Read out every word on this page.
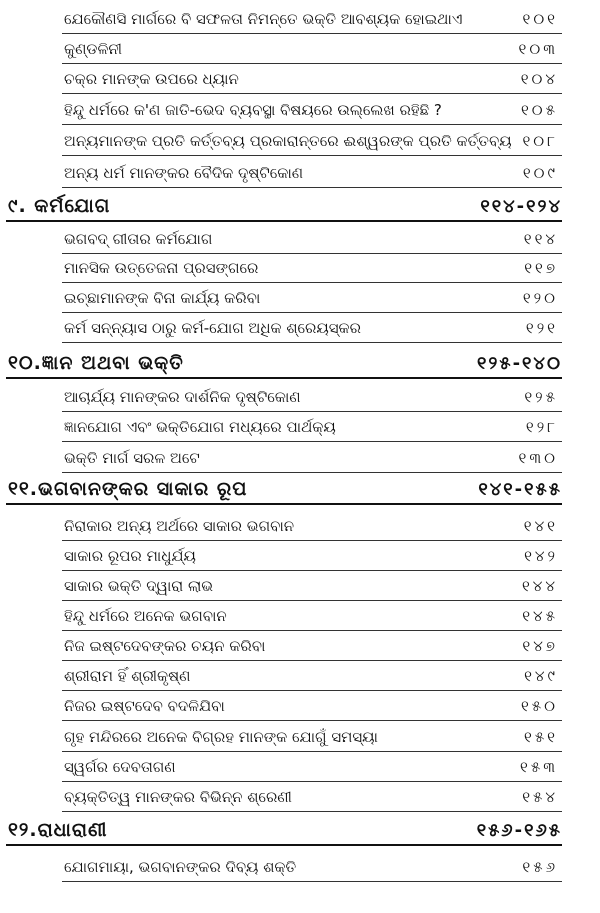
ଯେକୌଣସି ମାର୍ଗରେ ବି ସଫଳତା ନିମନ୍ତେ ଭକ୍ତି ଆବଶ୍ୟକ ହୋଇଥାଏ	୧୦୧
କୁଣ୍ଡଳିନୀ	୧୦୩
ଚକ୍ର ମାନଙ୍କ ଉପରେ ଧ୍ୟାନ	୧୦୪
ହିନ୍ଦୁ ଧର୍ମରେ କ'ଣ ଜାତି-ଭେଦ ବ୍ୟବସ୍ଥା ବିଷୟରେ ଉଲ୍ଲେଖ ରହିଛି ?	୧୦୫
ଅନ୍ୟମାନଙ୍କ ପ୍ରତି କର୍ତ୍ତବ୍ୟ ପ୍ରକାରାନ୍ତରେ ଈଶ୍ୱରଙ୍କ ପ୍ରତି କର୍ତ୍ତବ୍ୟ ୧୦୮
ଅନ୍ୟ ଧର୍ମ ମାନଙ୍କର ବୈଦିକ ଦୃଷ୍ଟିକୋଣ	୧୦୯
୯. କର୍ମଯୋଗ	୧୧୪-୧୨୪
ଭଗବଦ୍ ଗୀତାର କର୍ମଯୋଗ	୧୧୪
ମାନସିକ ଉତ୍ତେଜନା ପ୍ରସଙ୍ଗରେ	୧୧୭
ଇଚ୍ଛାମାନଙ୍କ ବିନା କାର୍ଯ୍ୟ କରିବା	୧୨୦
କର୍ମ ସନ୍ନ୍ୟାସ ଠାରୁ କର୍ମ-ଯୋଗ ଅଧିକ ଶ୍ରେୟସ୍କର	୧୨୧
୧୦.ଜ୍ଞାନ ଅଥବା ଭକ୍ତି	୧୨୫-୧୪୦
ଆଚାର୍ଯ୍ୟ ମାନଙ୍କର ଦାର୍ଶନିକ ଦୃଷ୍ଟିକୋଣ	୧୨୫
ଜ୍ଞାନଯୋଗ ଏବଂ ଭକ୍ତିଯୋଗ ମଧ୍ୟରେ ପାର୍ଥକ୍ୟ	୧୨୮
ଭକ୍ତି ମାର୍ଗ ସରଳ ଅଟେ	୧୩୦
୧୧.ଭଗବାନଙ୍କର ସାକାର ରୂପ	୧୪୧-୧୫୫
ନିରାକାର ଅନ୍ୟ ଅର୍ଥରେ ସାକାର ଭଗବାନ	୧୪୧
ସାକାର ରୂପର ମାଧୁର୍ଯ୍ୟ	୧୪୨
ସାକାର ଭକ୍ତି ଦ୍ୱାରା ଲାଭ	୧୪୪
ହିନ୍ଦୁ ଧର୍ମରେ ଅନେକ ଭଗବାନ	୧୪୫
ନିଜ ଇଷ୍ଟଦେବଙ୍କର ଚୟନ କରିବା	୧୪୭
ଶ୍ରୀରାମ ହିଁ ଶ୍ରୀକୃଷ୍ଣ	୧୪୯
ନିଜର ଇଷ୍ଟଦେବ ବଦଳିଯିବା	୧୫୦
ଗୃହ ମନ୍ଦିରରେ ଅନେକ ବିଗ୍ରହ ମାନଙ୍କ ଯୋଗୁଁ ସମସ୍ୟା	୧୫୧
ସ୍ୱର୍ଗର ଦେବତାଗଣ	୧୫୩
ବ୍ୟକ୍ତିତ୍ୱ ମାନଙ୍କର ବିଭିନ୍ନ ଶ୍ରେଣୀ	୧୫୪
୧୨.ରାଧାରାଣୀ	୧୫୬-୧୬୫
ଯୋଗମାୟା, ଭଗବାନଙ୍କର ଦିବ୍ୟ ଶକ୍ତି	୧୫୬
